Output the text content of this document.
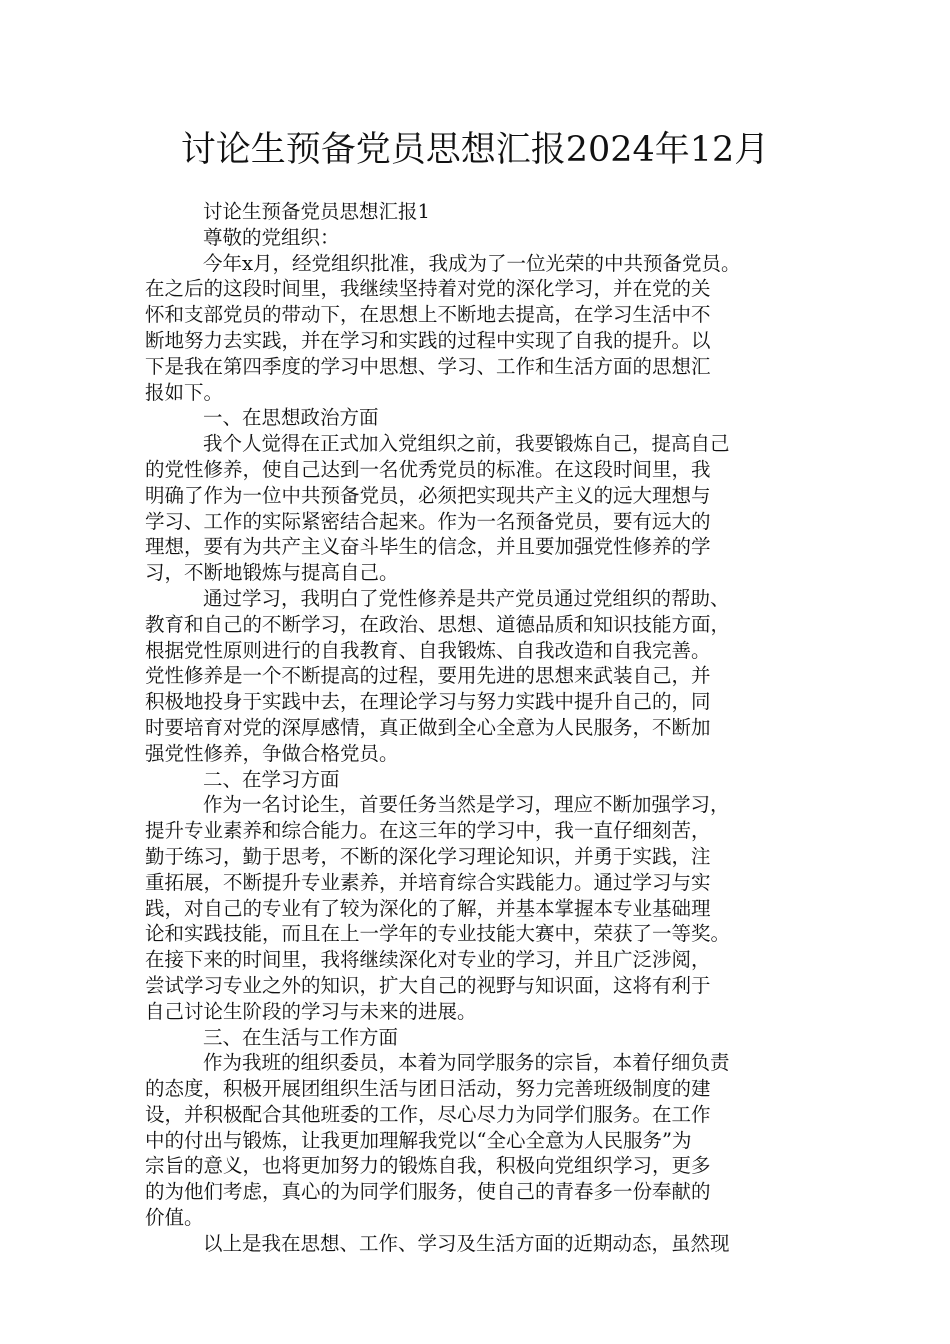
讨论生预备党员思想汇报2024年12月
讨论生预备党员思想汇报1
尊敬的党组织：
今年x月，经党组织批准，我成为了一位光荣的中共预备党员。
在之后的这段时间里，我继续坚持着对党的深化学习，并在党的关
怀和支部党员的带动下，在思想上不断地去提高，在学习生活中不
断地努力去实践，并在学习和实践的过程中实现了自我的提升。以
下是我在第四季度的学习中思想、学习、工作和生活方面的思想汇
报如下。
一、在思想政治方面
我个人觉得在正式加入党组织之前，我要锻炼自己，提高自己
的党性修养，使自己达到一名优秀党员的标准。在这段时间里，我
明确了作为一位中共预备党员，必须把实现共产主义的远大理想与
学习、工作的实际紧密结合起来。作为一名预备党员，要有远大的
理想，要有为共产主义奋斗毕生的信念，并且要加强党性修养的学
习，不断地锻炼与提高自己。
通过学习，我明白了党性修养是共产党员通过党组织的帮助、
教育和自己的不断学习，在政治、思想、道德品质和知识技能方面，
根据党性原则进行的自我教育、自我锻炼、自我改造和自我完善。
党性修养是一个不断提高的过程，要用先进的思想来武装自己，并
积极地投身于实践中去，在理论学习与努力实践中提升自己的，同
时要培育对党的深厚感情，真正做到全心全意为人民服务，不断加
强党性修养，争做合格党员。
二、在学习方面
作为一名讨论生，首要任务当然是学习，理应不断加强学习，
提升专业素养和综合能力。在这三年的学习中，我一直仔细刻苦，
勤于练习，勤于思考，不断的深化学习理论知识，并勇于实践，注
重拓展，不断提升专业素养，并培育综合实践能力。通过学习与实
践，对自己的专业有了较为深化的了解，并基本掌握本专业基础理
论和实践技能，而且在上一学年的专业技能大赛中，荣获了一等奖。
在接下来的时间里，我将继续深化对专业的学习，并且广泛涉阅，
尝试学习专业之外的知识，扩大自己的视野与知识面，这将有利于
自己讨论生阶段的学习与未来的进展。
三、在生活与工作方面
作为我班的组织委员，本着为同学服务的宗旨，本着仔细负责
的态度，积极开展团组织生活与团日活动，努力完善班级制度的建
设，并积极配合其他班委的工作，尽心尽力为同学们服务。在工作
中的付出与锻炼，让我更加理解我党以“全心全意为人民服务”为
宗旨的意义，也将更加努力的锻炼自我，积极向党组织学习，更多
的为他们考虑，真心的为同学们服务，使自己的青春多一份奉献的
价值。
以上是我在思想、工作、学习及生活方面的近期动态，虽然现
